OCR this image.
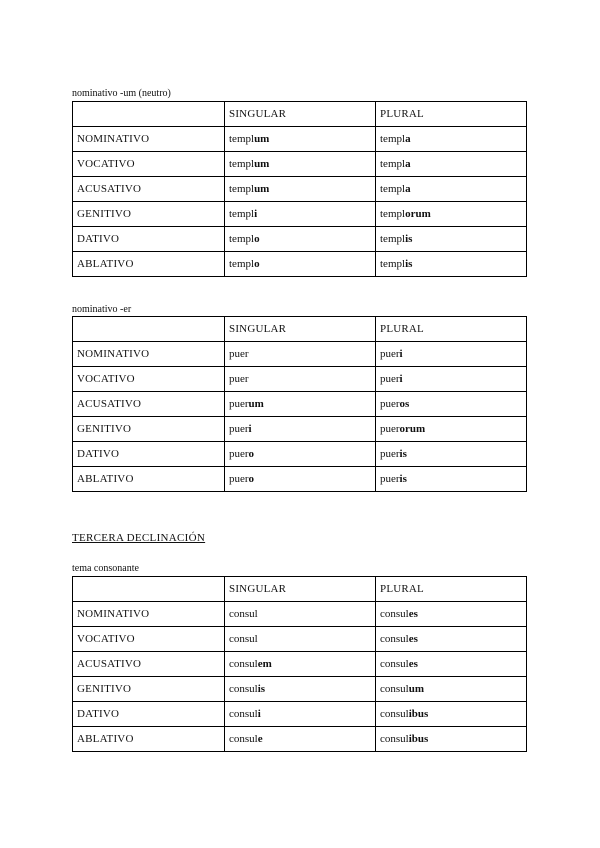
nominativo -um (neutro)
	SINGULAR	PLURAL
NOMINATIVO	templum	templa
VOCATIVO	templum	templa
ACUSATIVO	templum	templa
GENITIVO	templi	templorum
DATIVO	templo	templis
ABLATIVO	templo	templis
nominativo -er
	SINGULAR	PLURAL
NOMINATIVO	puer	pueri
VOCATIVO	puer	pueri
ACUSATIVO	puerum	pueros
GENITIVO	pueri	puerorum
DATIVO	puero	pueris
ABLATIVO	puero	pueris
TERCERA DECLINACIÓN
tema consonante
	SINGULAR	PLURAL
NOMINATIVO	consul	consules
VOCATIVO	consul	consules
ACUSATIVO	consulem	consules
GENITIVO	consulis	consulum
DATIVO	consuli	consulibus
ABLATIVO	consule	consulibus
